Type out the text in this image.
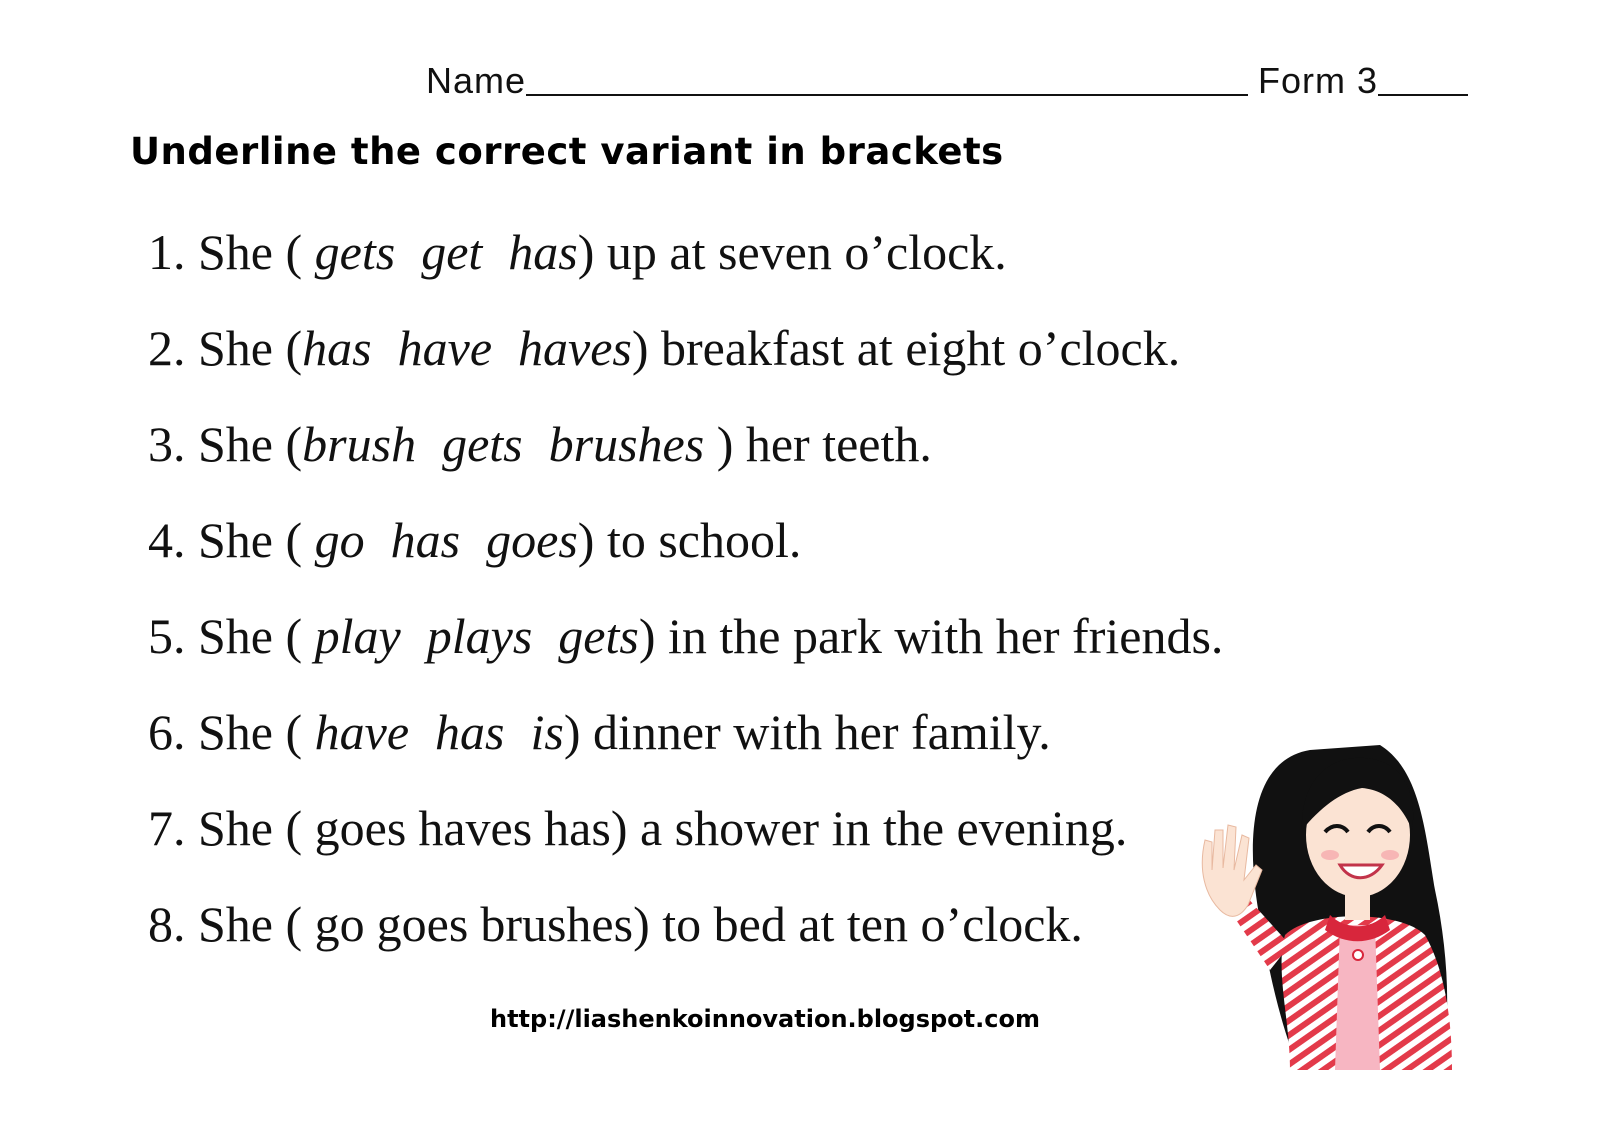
Name	Form 3
Underline the correct variant in brackets
1. She ( gets get has) up at seven o’clock.
2. She (has have haves) breakfast at eight o’clock.
3. She (brush gets brushes ) her teeth.
4. She ( go has goes) to school.
5. She ( play plays gets) in the park with her friends.
6. She ( have has is) dinner with her family.
7. She ( goes haves has) a shower in the evening.
8. She ( go goes brushes) to bed at ten o’clock.
http://liashenkoinnovation.blogspot.com
